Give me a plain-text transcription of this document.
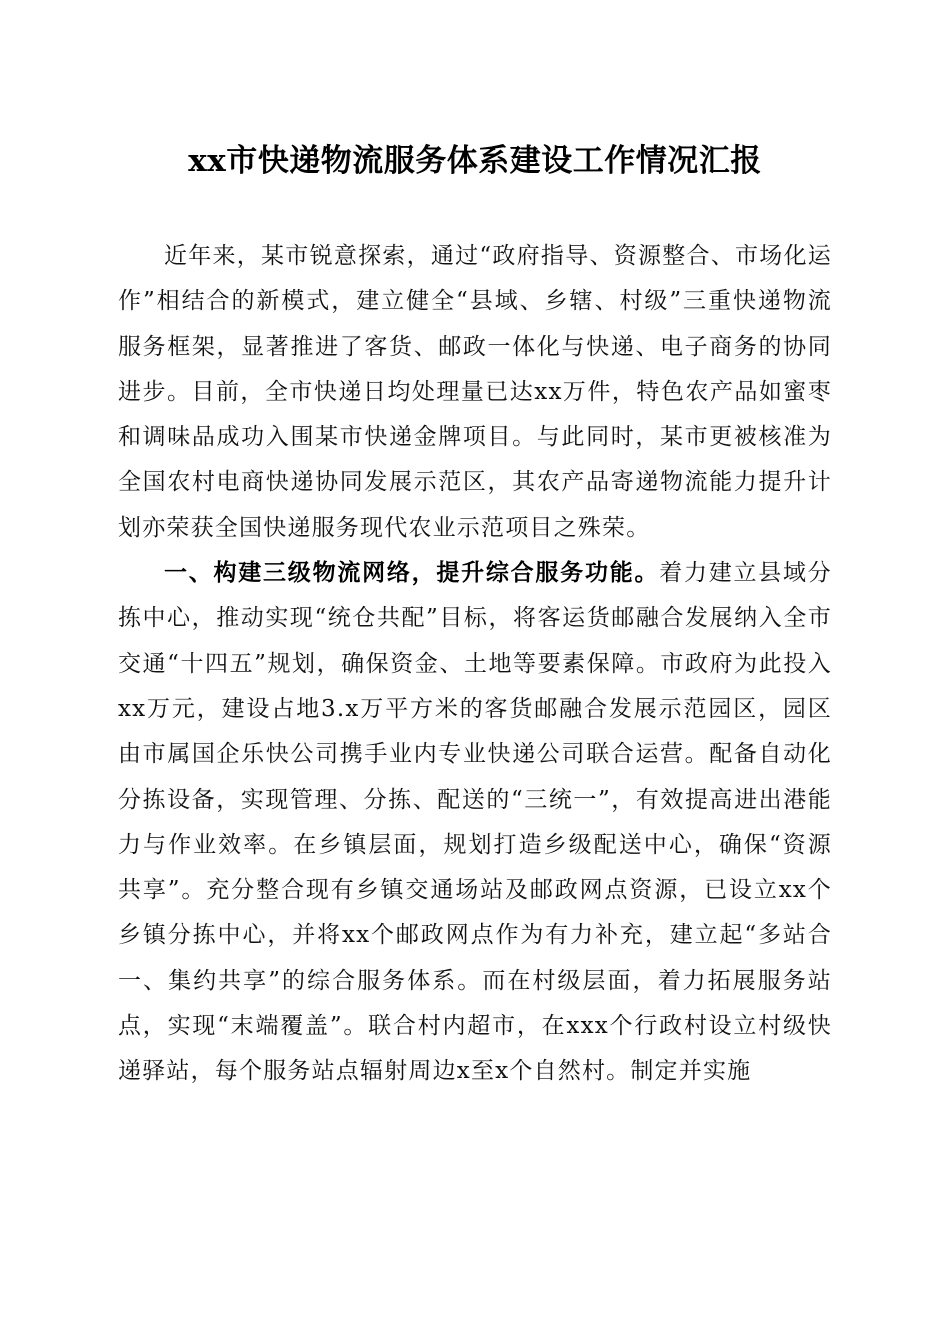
xx市快递物流服务体系建设工作情况汇报

近年来，某市锐意探索，通过“政府指导、资源整合、市场化运作”相结合的新模式，建立健全“县域、乡辖、村级”三重快递物流服务框架，显著推进了客货、邮政一体化与快递、电子商务的协同进步。目前，全市快递日均处理量已达xx万件，特色农产品如蜜枣和调味品成功入围某市快递金牌项目。与此同时，某市更被核准为全国农村电商快递协同发展示范区，其农产品寄递物流能力提升计划亦荣获全国快递服务现代农业示范项目之殊荣。

一、构建三级物流网络，提升综合服务功能。着力建立县域分拣中心，推动实现“统仓共配”目标，将客运货邮融合发展纳入全市交通“十四五”规划，确保资金、土地等要素保障。市政府为此投入xx万元，建设占地3.x万平方米的客货邮融合发展示范园区，园区由市属国企乐快公司携手业内专业快递公司联合运营。配备自动化分拣设备，实现管理、分拣、配送的“三统一”，有效提高进出港能力与作业效率。在乡镇层面，规划打造乡级配送中心，确保“资源共享”。充分整合现有乡镇交通场站及邮政网点资源，已设立xx个乡镇分拣中心，并将xx个邮政网点作为有力补充，建立起“多站合一、集约共享”的综合服务体系。而在村级层面，着力拓展服务站点，实现“末端覆盖”。联合村内超市，在xxx个行政村设立村级快递驿站，每个服务站点辐射周边x至x个自然村。制定并实施
